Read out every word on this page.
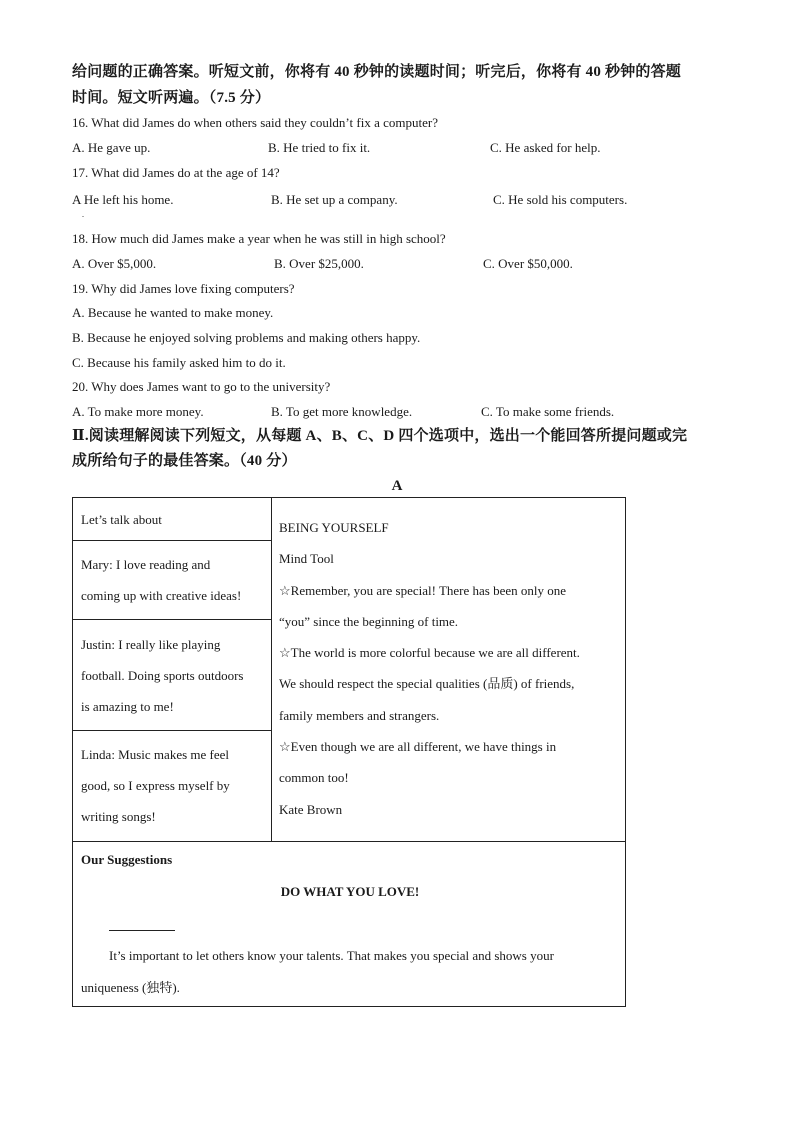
给问题的正确答案。听短文前，你将有 40 秒钟的读题时间；听完后，你将有 40 秒钟的答题
时间。短文听两遍。（7.5 分）
16. What did James do when others said they couldn’t fix a computer?
A. He gave up.	B. He tried to fix it.	C. He asked for help.
17. What did James do at the age of 14?
A He left his home.
.
B. He set up a company.	C. He sold his computers.
18. How much did James make a year when he was still in high school?
A. Over $5,000.	B. Over $25,000.	C. Over $50,000.
19. Why did James love fixing computers?
A. Because he wanted to make money.
B. Because he enjoyed solving problems and making others happy.
C. Because his family asked him to do it.
20. Why does James want to go to the university?
A. To make more money.	B. To get more knowledge.	C. To make some friends.
Ⅱ.阅读理解阅读下列短文，从每题 A、B、C、D 四个选项中，选出一个能回答所提问题或完
成所给句子的最佳答案。（40 分）
A
Let’s talk about
Mary: I love reading and
coming up with creative ideas!
Justin: I really like playing
football. Doing sports outdoors
is amazing to me!
Linda: Music makes me feel
good, so I express myself by
writing songs!
BEING YOURSELF
Mind Tool
☆Remember, you are special! There has been only one
“you” since the beginning of time.
☆The world is more colorful because we are all different.
We should respect the special qualities (品质) of friends,
family members and strangers.
☆Even though we are all different, we have things in
common too!
Kate Brown
Our Suggestions
DO WHAT YOU LOVE!
It’s important to let others know your talents. That makes you special and shows your uniqueness (独特).
